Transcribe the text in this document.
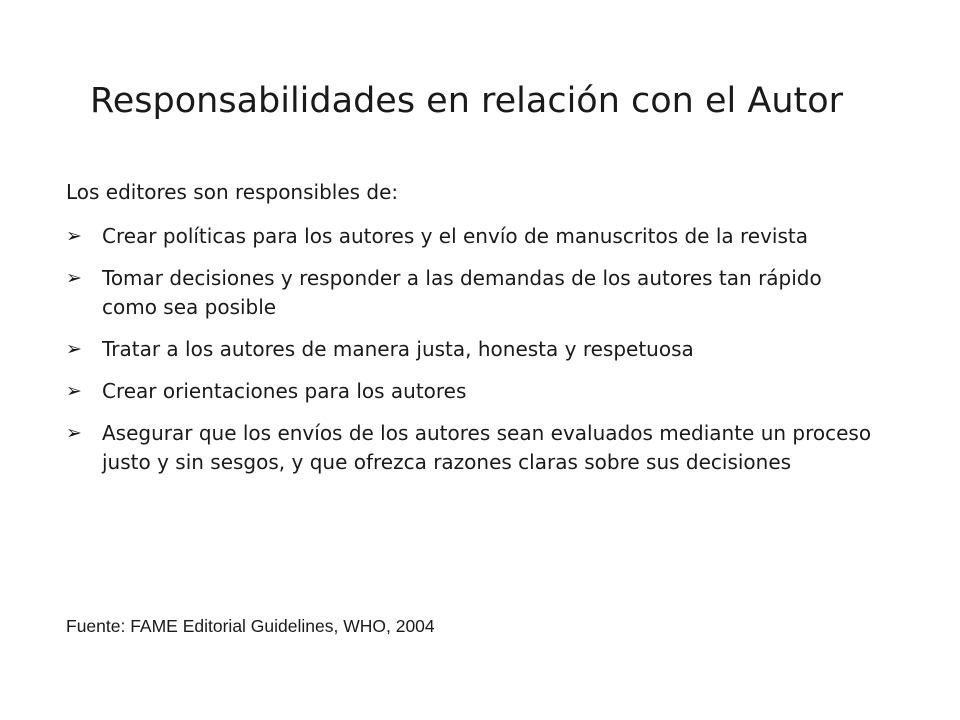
Responsabilidades en relación con el Autor

Los editores son responsibles de:

➢ Crear políticas para los autores y el envío de manuscritos de la revista
➢ Tomar decisiones y responder a las demandas de los autores tan rápido como sea posible
➢ Tratar a los autores de manera justa, honesta y respetuosa
➢ Crear orientaciones para los autores
➢ Asegurar que los envíos de los autores sean evaluados mediante un proceso justo y sin sesgos, y que ofrezca razones claras sobre sus decisiones

Fuente: FAME Editorial Guidelines, WHO, 2004
